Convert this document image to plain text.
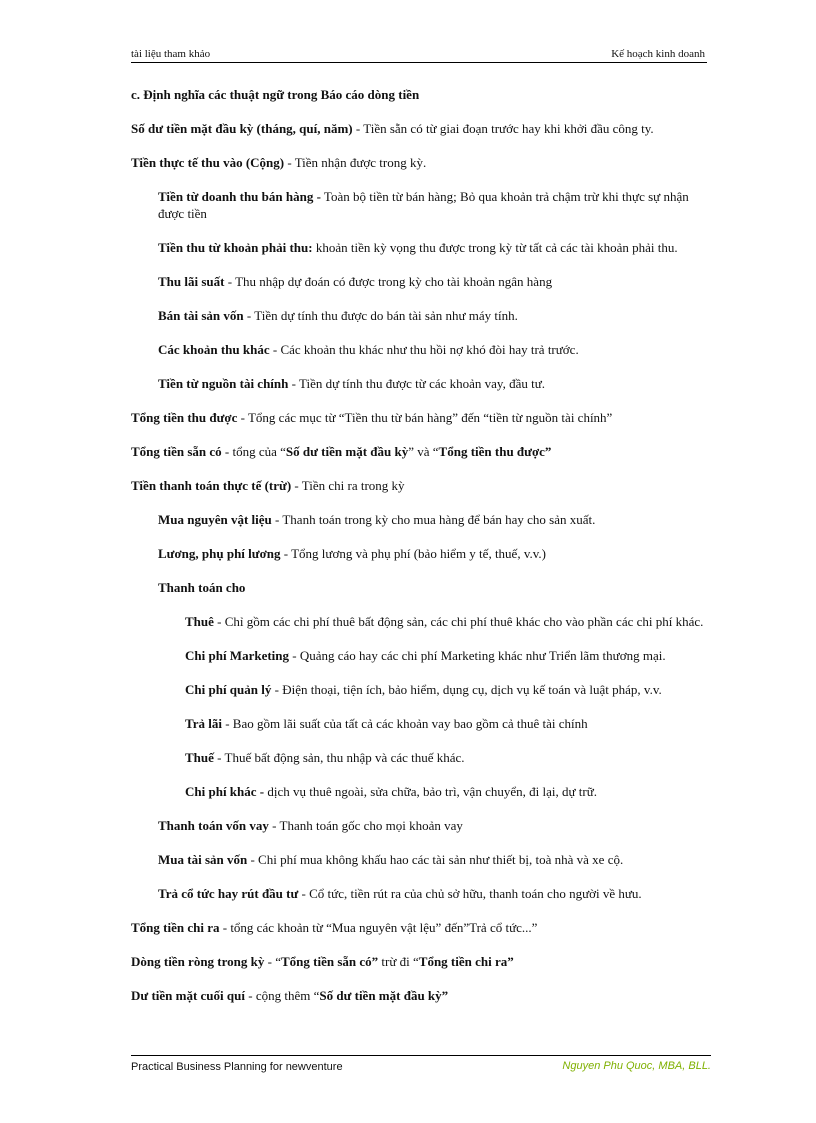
tài liệu tham khảo	Kế hoạch kinh doanh

c. Định nghĩa các thuật ngữ trong Báo cáo dòng tiền

Số dư tiền mặt đầu kỳ (tháng, quí, năm) - Tiền sẵn có từ giai đoạn trước hay khi khởi đầu công ty.

Tiền thực tế thu vào (Cộng) - Tiền nhận được trong kỳ.

Tiền từ doanh thu bán hàng - Toàn bộ tiền từ bán hàng; Bỏ qua khoản trả chậm trừ khi thực sự nhận được tiền

Tiền thu từ khoản phải thu: khoản tiền kỳ vọng thu được trong kỳ từ tất cả các tài khoản phải thu.

Thu lãi suất - Thu nhập dự đoán có được trong kỳ cho tài khoản ngân hàng

Bán tài sản vốn - Tiền dự tính thu được do bán tài sản như máy tính.

Các khoản thu khác - Các khoản thu khác như thu hồi nợ khó đòi hay trả trước.

Tiền từ nguồn tài chính - Tiền dự tính thu được từ các khoản vay, đầu tư.

Tổng tiền thu được - Tổng các mục từ “Tiền thu từ bán hàng” đến “tiền từ nguồn tài chính”

Tổng tiền sẵn có - tổng của “Số dư tiền mặt đầu kỳ” và “Tổng tiền thu được”

Tiền thanh toán thực tế (trừ) - Tiền chi ra trong kỳ

Mua nguyên vật liệu - Thanh toán trong kỳ cho mua hàng để bán hay cho sản xuất.

Lương, phụ phí lương - Tổng lương và phụ phí (bảo hiểm y tế, thuế, v.v.)

Thanh toán cho

Thuê - Chỉ gồm các chi phí thuê bất động sản, các chi phí thuê khác cho vào phần các chi phí khác.

Chi phí Marketing - Quảng cáo hay các chi phí Marketing khác như Triển lãm thương mại.

Chi phí quản lý - Điện thoại, tiện ích, bảo hiểm, dụng cụ, dịch vụ kế toán và luật pháp, v.v.

Trả lãi - Bao gồm lãi suất của tất cả các khoản vay bao gồm cả thuê tài chính

Thuế - Thuế bất động sản, thu nhập và các thuế khác.

Chi phí khác - dịch vụ thuê ngoài, sửa chữa, bảo trì, vận chuyển, đi lại, dự trữ.

Thanh toán vốn vay - Thanh toán gốc cho mọi khoản vay

Mua tài sản vốn - Chi phí mua không khấu hao các tài sản như thiết bị, toà nhà và xe cộ.

Trả cổ tức hay rút đầu tư - Cổ tức, tiền rút ra của chủ sở hữu, thanh toán cho người về hưu.

Tổng tiền chi ra - tổng các khoản từ “Mua nguyên vật lệu” đến”Trả cổ tức...”

Dòng tiền ròng trong kỳ - “Tổng tiền sẵn có” trừ đi “Tổng tiền chi ra”

Dư tiền mặt cuối quí - cộng thêm “Số dư tiền mặt đầu kỳ”

Practical Business Planning for newventure	Nguyen Phu Quoc, MBA, BLL.
